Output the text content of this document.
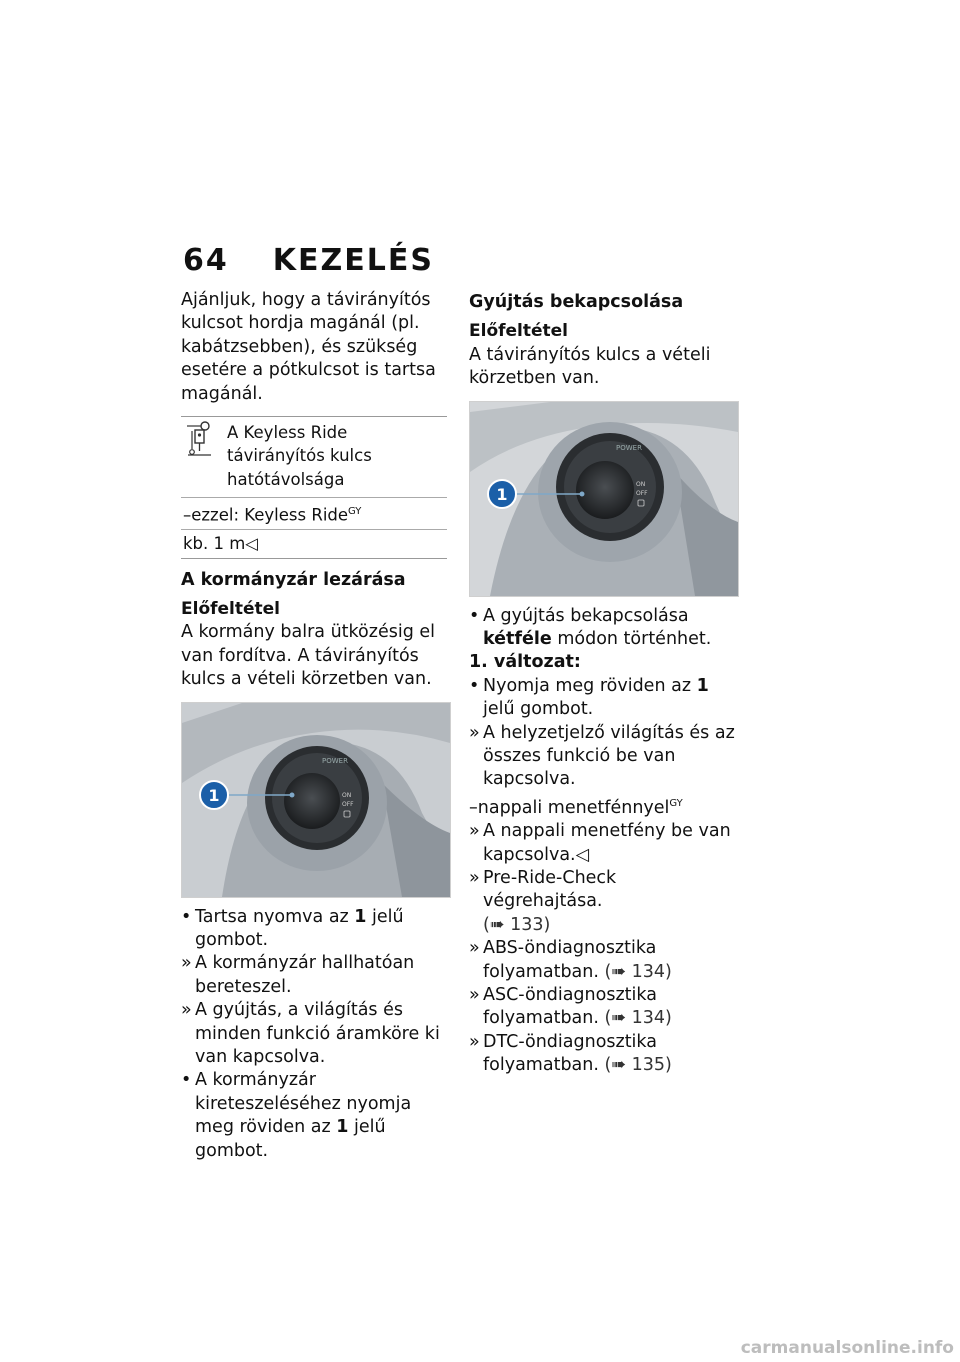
64 KEZELÉS

Ajánljuk, hogy a távirányítós kulcsot hordja magánál (pl. kabátzsebben), és szükség esetére a pótkulcsot is tartsa magánál.

A Keyless Ride távirányítós kulcs hatótávolsága
–ezzel: Keyless Ride$^{GY}$
kb. 1 m◁
A kormányzár lezárása
Előfeltétel

A kormány balra ütközésig el van fordítva. A távirányítós kulcs a vételi körzetben van.

POWER
ON
OFF
1
• Tartsa nyomva az 1 jelű gombot.
» A kormányzár hallhatóan bereteszel.
» A gyújtás, a világítás és minden funkció áramköre ki van kapcsolva.
• A kormányzár kireteszeléséhez nyomja meg röviden az 1 jelű gombot.
Gyújtás bekapcsolása
Előfeltétel

A távirányítós kulcs a vételi körzetben van.

POWER
ON
OFF
1
• A gyújtás bekapcsolása kétféle módon történhet.
1. változat:
• Nyomja meg röviden az 1 jelű gombot.
» A helyzetjelző világítás és az összes funkció be van kapcsolva.
–nappali menetfénnyel$^{GY}$
» A nappali menetfény be van kapcsolva.◁
» Pre-Ride-Check végrehajtása.
(➠ 133)
» ABS-öndiagnosztika folyamatban. (➠ 134)
» ASC-öndiagnosztika folyamatban. (➠ 134)
» DTC-öndiagnosztika folyamatban. (➠ 135)
carmanualsonline.info
